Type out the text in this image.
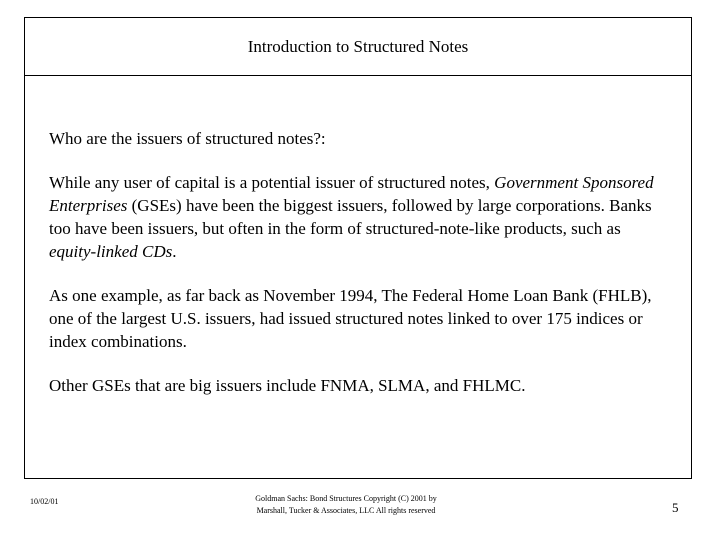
Introduction to Structured Notes
Who are the issuers of structured notes?:

While any user of capital is a potential issuer of structured notes, Government Sponsored Enterprises (GSEs) have been the biggest issuers, followed by large corporations. Banks too have been issuers, but often in the form of structured-note-like products, such as equity-linked CDs.

As one example, as far back as November 1994, The Federal Home Loan Bank (FHLB), one of the largest U.S. issuers, had issued structured notes linked to over 175 indices or index combinations.

Other GSEs that are big issuers include FNMA, SLMA, and FHLMC.

10/02/01	Goldman Sachs: Bond Structures Copyright (C) 2001 by Marshall, Tucker & Associates, LLC All rights reserved	5
